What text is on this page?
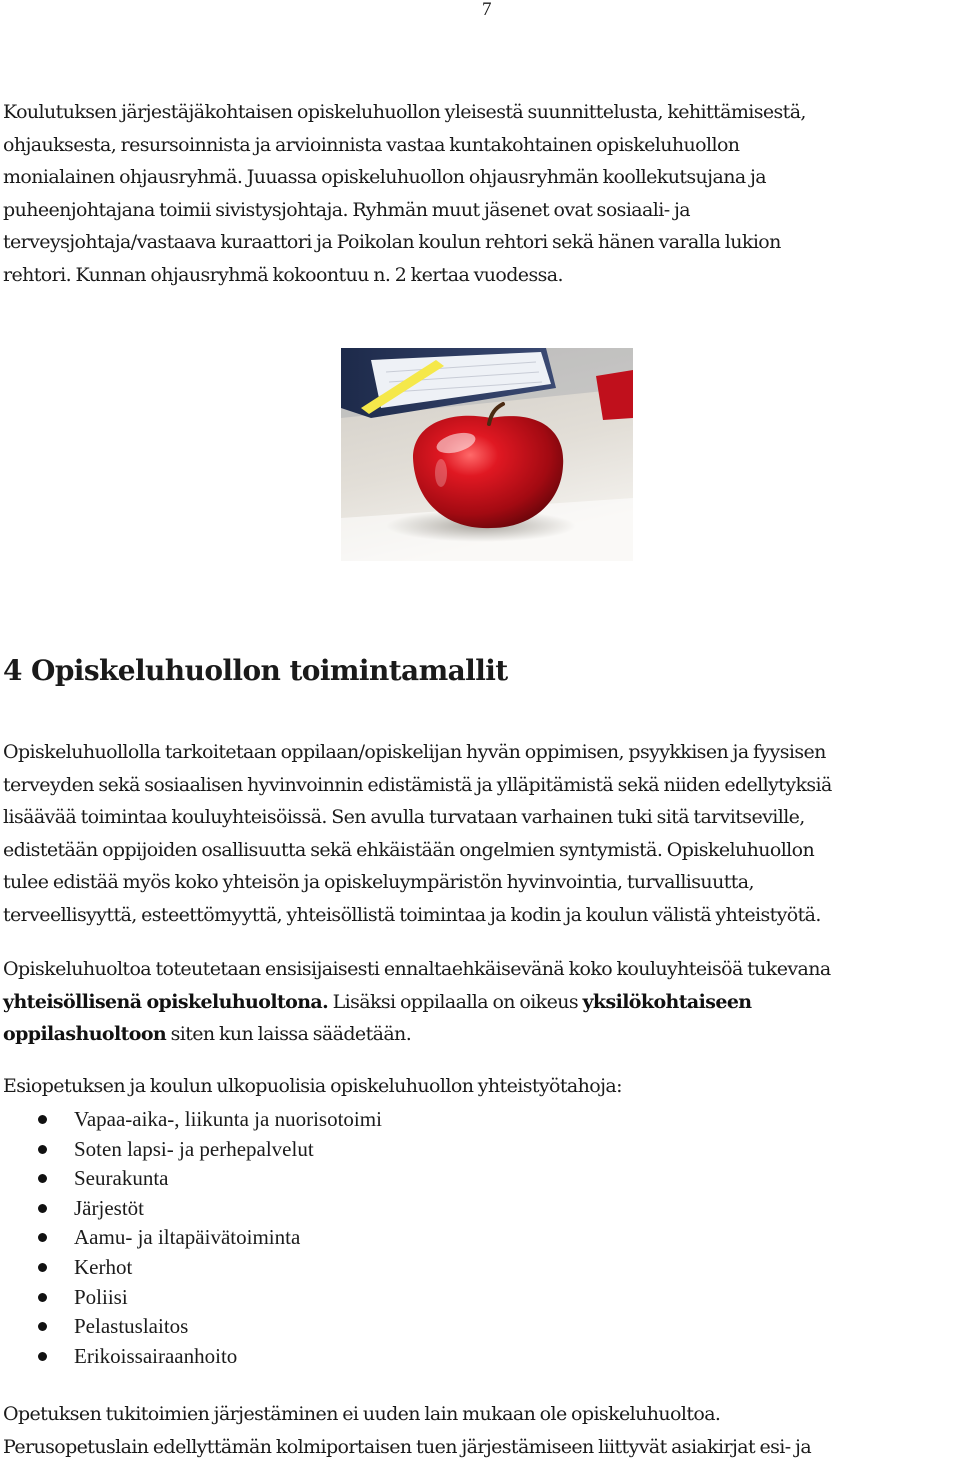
7

Koulutuksen järjestäjäkohtaisen opiskeluhuollon yleisestä suunnittelusta, kehittämisestä,
ohjauksesta, resursoinnista ja arvioinnista vastaa kuntakohtainen opiskeluhuollon
monialainen ohjausryhmä. Juuassa opiskeluhuollon ohjausryhmän koollekutsujana ja
puheenjohtajana toimii sivistysjohtaja. Ryhmän muut jäsenet ovat sosiaali- ja
terveysjohtaja/vastaava kuraattori ja Poikolan koulun rehtori sekä hänen varalla lukion
rehtori. Kunnan ohjausryhmä kokoontuu n. 2 kertaa vuodessa.

4 Opiskeluhuollon toimintamallit

Opiskeluhuollolla tarkoitetaan oppilaan/opiskelijan hyvän oppimisen, psyykkisen ja fyysisen
terveyden sekä sosiaalisen hyvinvoinnin edistämistä ja ylläpitämistä sekä niiden edellytyksiä
lisäävää toimintaa kouluyhteisöissä. Sen avulla turvataan varhainen tuki sitä tarvitseville,
edistetään oppijoiden osallisuutta sekä ehkäistään ongelmien syntymistä. Opiskeluhuollon
tulee edistää myös koko yhteisön ja opiskeluympäristön hyvinvointia, turvallisuutta,
terveellisyyttä, esteettömyyttä, yhteisöllistä toimintaa ja kodin ja koulun välistä yhteistyötä.

Opiskeluhuoltoa toteutetaan ensisijaisesti ennaltaehkäisevänä koko kouluyhteisöä tukevana
yhteisöllisenä opiskeluhuoltona. Lisäksi oppilaalla on oikeus yksilökohtaiseen
oppilashuoltoon siten kun laissa säädetään.

Esiopetuksen ja koulun ulkopuolisia opiskeluhuollon yhteistyötahoja:

Vapaa-aika-, liikunta ja nuorisotoimi
Soten lapsi- ja perhepalvelut
Seurakunta
Järjestöt
Aamu- ja iltapäivätoiminta
Kerhot
Poliisi
Pelastuslaitos
Erikoissairaanhoito

Opetuksen tukitoimien järjestäminen ei uuden lain mukaan ole opiskeluhuoltoa.
Perusopetuslain edellyttämän kolmiportaisen tuen järjestämiseen liittyvät asiakirjat esi- ja
